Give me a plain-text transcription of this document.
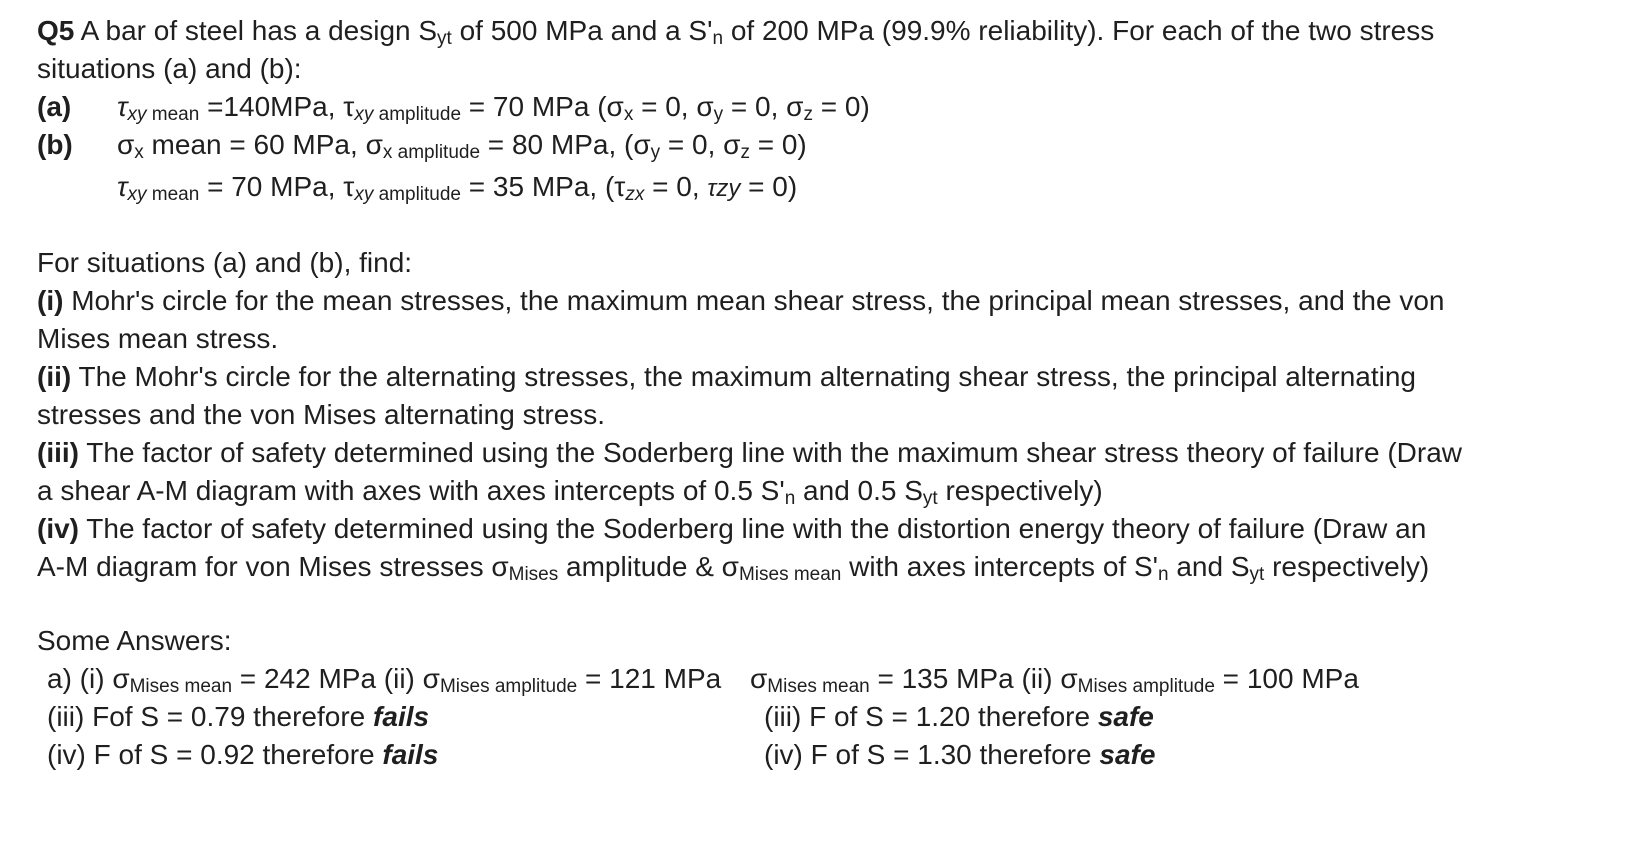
Q5 A bar of steel has a design $S_{yt}$ of 500 MPa and a $S'_n$ of 200 MPa (99.9% reliability). For each of the two stress
situations (a) and (b):
(a) $\tau_{xy}$ $_{mean}$ =140MPa, $\tau_{xy}$ $_{amplitude}$ = 70 MPa ($\sigma_x = 0$, $\sigma_y = 0$, $\sigma_z = 0$)
(b) $\sigma_x$ mean = 60 MPa, $\sigma_{x amplitude} = 80$ MPa, ($\sigma_y = 0$, $\sigma_z = 0$)
$\tau_{xy}$ $_{mean}$ = 70 MPa, $\tau_{xy}$ $_{amplitude}$ = 35 MPa, ($\tau_{zx} = 0$, τzy = 0)
For situations (a) and (b), find:
(i) Mohr's circle for the mean stresses, the maximum mean shear stress, the principal mean stresses, and the von
Mises mean stress.
(ii) The Mohr's circle for the alternating stresses, the maximum alternating shear stress, the principal alternating
stresses and the von Mises alternating stress.
(iii) The factor of safety determined using the Soderberg line with the maximum shear stress theory of failure (Draw
a shear A-M diagram with axes with axes intercepts of 0.5 $S'_n$ and 0.5 $S_{yt}$ respectively)
(iv) The factor of safety determined using the Soderberg line with the distortion energy theory of failure (Draw an
A-M diagram for von Mises stresses $\sigma_{Mises}$ amplitude & $\sigma_{Mises mean}$ with axes intercepts of $S'_n$ and $S_{yt}$ respectively)
Some Answers:
a) (i) $\sigma_{Mises mean} = 242$ MPa (ii) $\sigma_{Mises amplitude} = 121$ MPa
(iii) Fof S = 0.79 therefore fails
(iv) F of S = 0.92 therefore fails
$\sigma_{Mises mean} = 135$ MPa (ii) $\sigma_{Mises amplitude} = 100$ MPa
(iii) F of S = 1.20 therefore safe
(iv) F of S = 1.30 therefore safe
